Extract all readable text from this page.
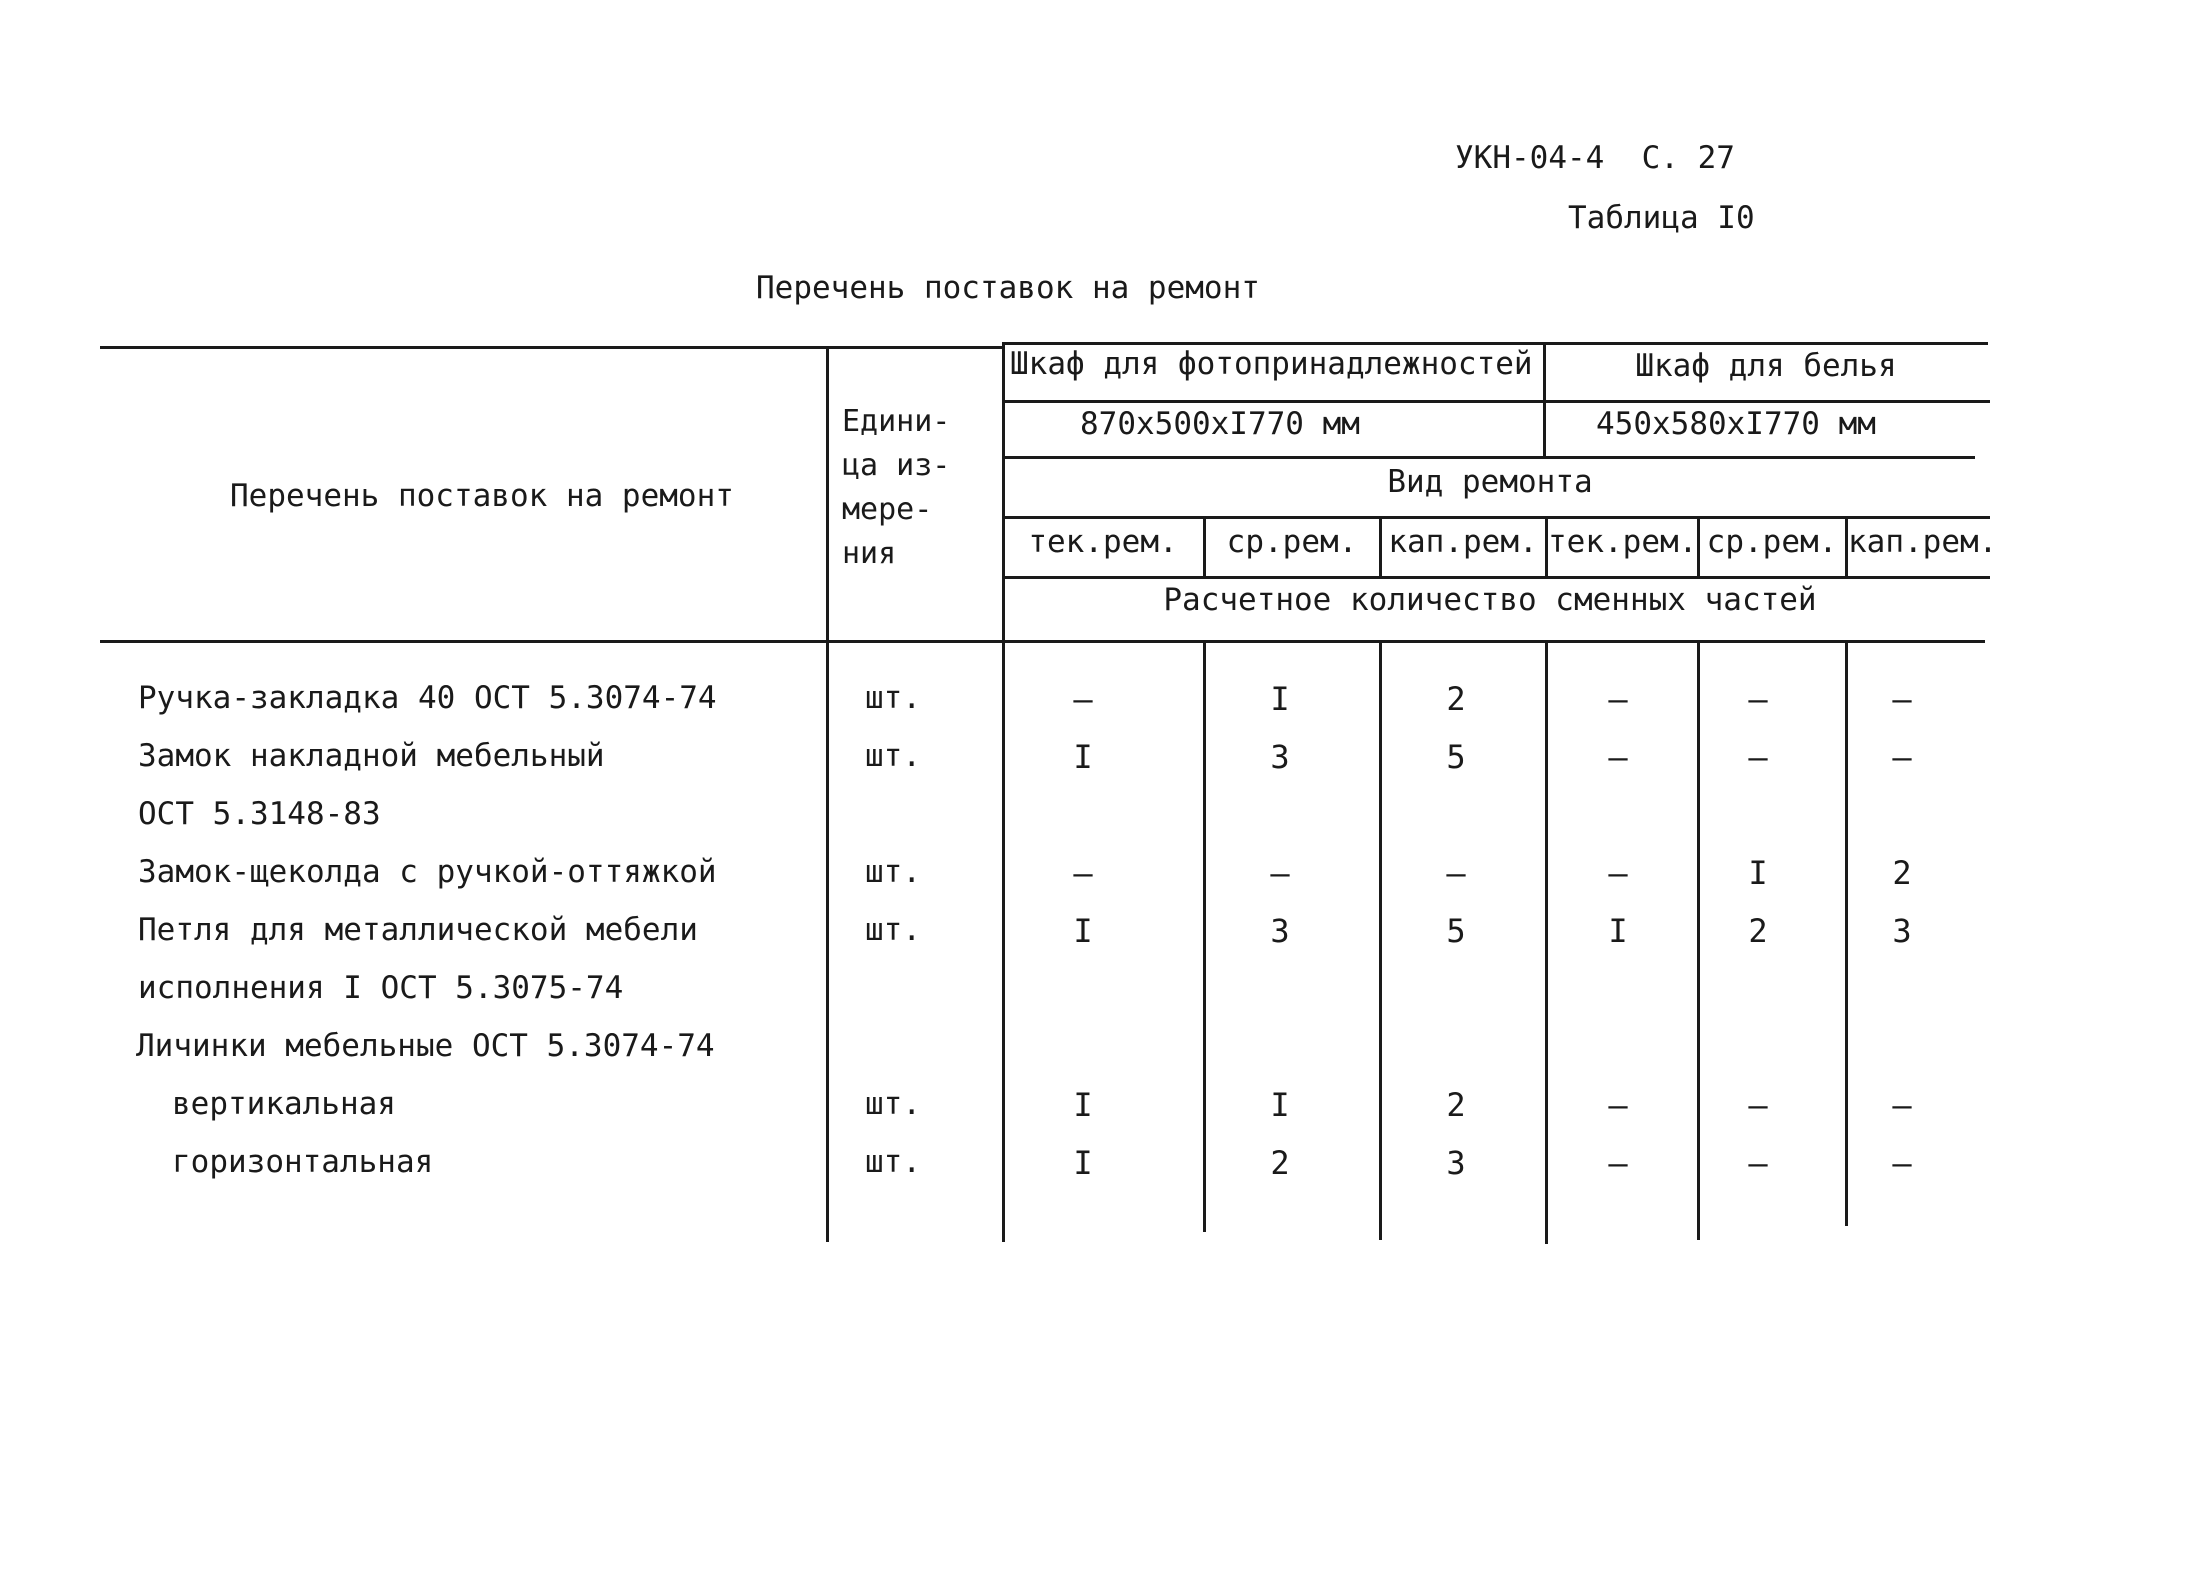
УКН-04-4  С. 27
Таблица I0
Перечень поставок на ремонт
Перечень поставок на ремонт
Едини-
ца из-
мере-
ния
Шкаф для фотопринадлежностей	Шкаф для белья
870х500хI770 мм	450х580хI770 мм
Вид ремонта
тек.рем.	ср.рем.	кап.рем. тек.рем. ср.рем. кап.рем.
Расчетное количество сменных частей
Ручка-закладка 40 ОСТ 5.3074-74	шт.	–	I	2	–	–	–
Замок накладной мебельный	шт.	I	3	5	–	–	–
ОСТ 5.3148-83
Замок-щеколда с ручкой-оттяжкой	шт.	–	–	–	–	I	2
Петля для металлической мебели	шт.	I	3	5	I	2	3
исполнения I ОСТ 5.3075-74
Личинки мебельные ОСТ 5.3074-74
вертикальная	шт.	I	I	2	–	–	–
горизонтальная	шт.	I	2	3	–	–	–
